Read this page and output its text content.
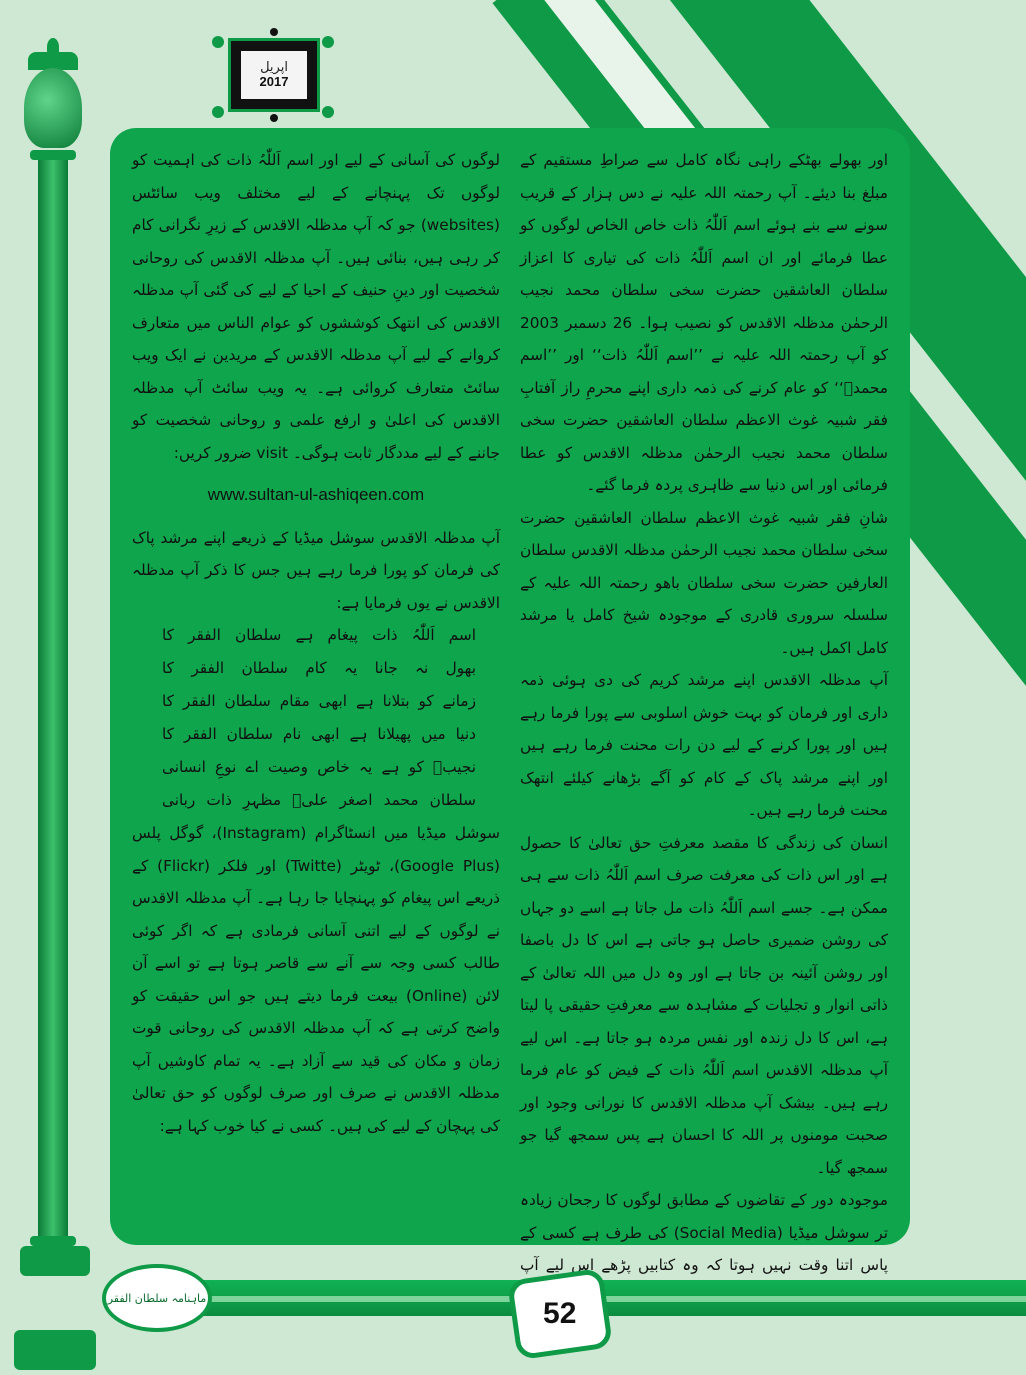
اپریل
2017

اور بھولے بھٹکے راہی نگاہ کامل سے صراطِ مستقیم کے مبلغ بنا دیئے۔ آپ رحمتہ اللہ علیہ نے دس ہزار کے قریب سونے سے بنے ہوئے اسم اَللّٰہُ ذات خاص الخاص لوگوں کو عطا فرمائے اور ان اسم اَللّٰہُ ذات کی تیاری کا اعزاز سلطان العاشقین حضرت سخی سلطان محمد نجیب الرحمٰن مدظلہ الاقدس کو نصیب ہوا۔ 26 دسمبر 2003 کو آپ رحمتہ اللہ علیہ نے ’’اسم اَللّٰہُ ذات‘‘ اور ’’اسم محمدؐ‘‘ کو عام کرنے کی ذمہ داری اپنے محرمِ راز آفتابِ فقر شبیہ غوث الاعظم سلطان العاشقین حضرت سخی سلطان محمد نجیب الرحمٰن مدظلہ الاقدس کو عطا فرمائی اور اس دنیا سے ظاہری پردہ فرما گئے۔

شانِ فقر شبیہ غوث الاعظم سلطان العاشقین حضرت سخی سلطان محمد نجیب الرحمٰن مدظلہ الاقدس سلطان العارفین حضرت سخی سلطان باھو رحمتہ اللہ علیہ کے سلسلہ سروری قادری کے موجودہ شیخ کامل یا مرشد کامل اکمل ہیں۔

آپ مدظلہ الاقدس اپنے مرشد کریم کی دی ہوئی ذمہ داری اور فرمان کو بہت خوش اسلوبی سے پورا فرما رہے ہیں اور پورا کرنے کے لیے دن رات محنت فرما رہے ہیں اور اپنے مرشد پاک کے کام کو آگے بڑھانے کیلئے انتھک محنت فرما رہے ہیں۔

انسان کی زندگی کا مقصد معرفتِ حق تعالیٰ کا حصول ہے اور اس ذات کی معرفت صرف اسم اَللّٰہُ ذات سے ہی ممکن ہے۔ جسے اسم اَللّٰہُ ذات مل جاتا ہے اسے دو جہاں کی روشن ضمیری حاصل ہو جاتی ہے اس کا دل باصفا اور روشن آئینہ بن جاتا ہے اور وہ دل میں اللہ تعالیٰ کے ذاتی انوار و تجلیات کے مشاہدہ سے معرفتِ حقیقی پا لیتا ہے، اس کا دل زندہ اور نفس مردہ ہو جاتا ہے۔ اس لیے آپ مدظلہ الاقدس اسم اَللّٰہُ ذات کے فیض کو عام فرما رہے ہیں۔ بیشک آپ مدظلہ الاقدس کا نورانی وجود اور صحبت مومنوں پر اللہ کا احسان ہے پس سمجھ گیا جو سمجھ گیا۔

موجودہ دور کے تقاضوں کے مطابق لوگوں کا رجحان زیادہ تر سوشل میڈیا (Social Media) کی طرف ہے کسی کے پاس اتنا وقت نہیں ہوتا کہ وہ کتابیں پڑھے اس لیے آپ

لوگوں کی آسانی کے لیے اور اسم اَللّٰہُ ذات کی اہمیت کو لوگوں تک پہنچانے کے لیے مختلف ویب سائٹس (websites) جو کہ آپ مدظلہ الاقدس کے زیرِ نگرانی کام کر رہی ہیں، بنائی ہیں۔ آپ مدظلہ الاقدس کی روحانی شخصیت اور دینِ حنیف کے احیا کے لیے کی گئی آپ مدظلہ الاقدس کی انتھک کوششوں کو عوام الناس میں متعارف کروانے کے لیے آپ مدظلہ الاقدس کے مریدین نے ایک ویب سائٹ متعارف کروائی ہے۔ یہ ویب سائٹ آپ مدظلہ الاقدس کی اعلیٰ و ارفع علمی و روحانی شخصیت کو جاننے کے لیے مددگار ثابت ہوگی۔ visit ضرور کریں:

www.sultan-ul-ashiqeen.com

آپ مدظلہ الاقدس سوشل میڈیا کے ذریعے اپنے مرشد پاک کی فرمان کو پورا فرما رہے ہیں جس کا ذکر آپ مدظلہ الاقدس نے یوں فرمایا ہے:

اسم اَللّٰہُ ذات پیغام ہے سلطان الفقر کا
بھول نہ جانا یہ کام سلطان الفقر کا
زمانے کو بتلانا ہے ابھی مقام سلطان الفقر کا
دنیا میں پھیلانا ہے ابھی نام سلطان الفقر کا
نجیبؒ کو ہے یہ خاص وصیت اے نوعِ انسانی
سلطان محمد اصغر علیؒ مظہرِ ذات ربانی

سوشل میڈیا میں انسٹاگرام (Instagram)، گوگل پلس (Google Plus)، ٹویٹر (Twitte) اور فلکر (Flickr) کے ذریعے اس پیغام کو پہنچایا جا رہا ہے۔ آپ مدظلہ الاقدس نے لوگوں کے لیے اتنی آسانی فرمادی ہے کہ اگر کوئی طالب کسی وجہ سے آنے سے قاصر ہوتا ہے تو اسے آن لائن (Online) بیعت فرما دیتے ہیں جو اس حقیقت کو واضح کرتی ہے کہ آپ مدظلہ الاقدس کی روحانی قوت زمان و مکان کی قید سے آزاد ہے۔ یہ تمام کاوشیں آپ مدظلہ الاقدس نے صرف اور صرف لوگوں کو حق تعالیٰ کی پہچان کے لیے کی ہیں۔ کسی نے کیا خوب کہا ہے:

ماہنامہ سلطان الفقر	52
